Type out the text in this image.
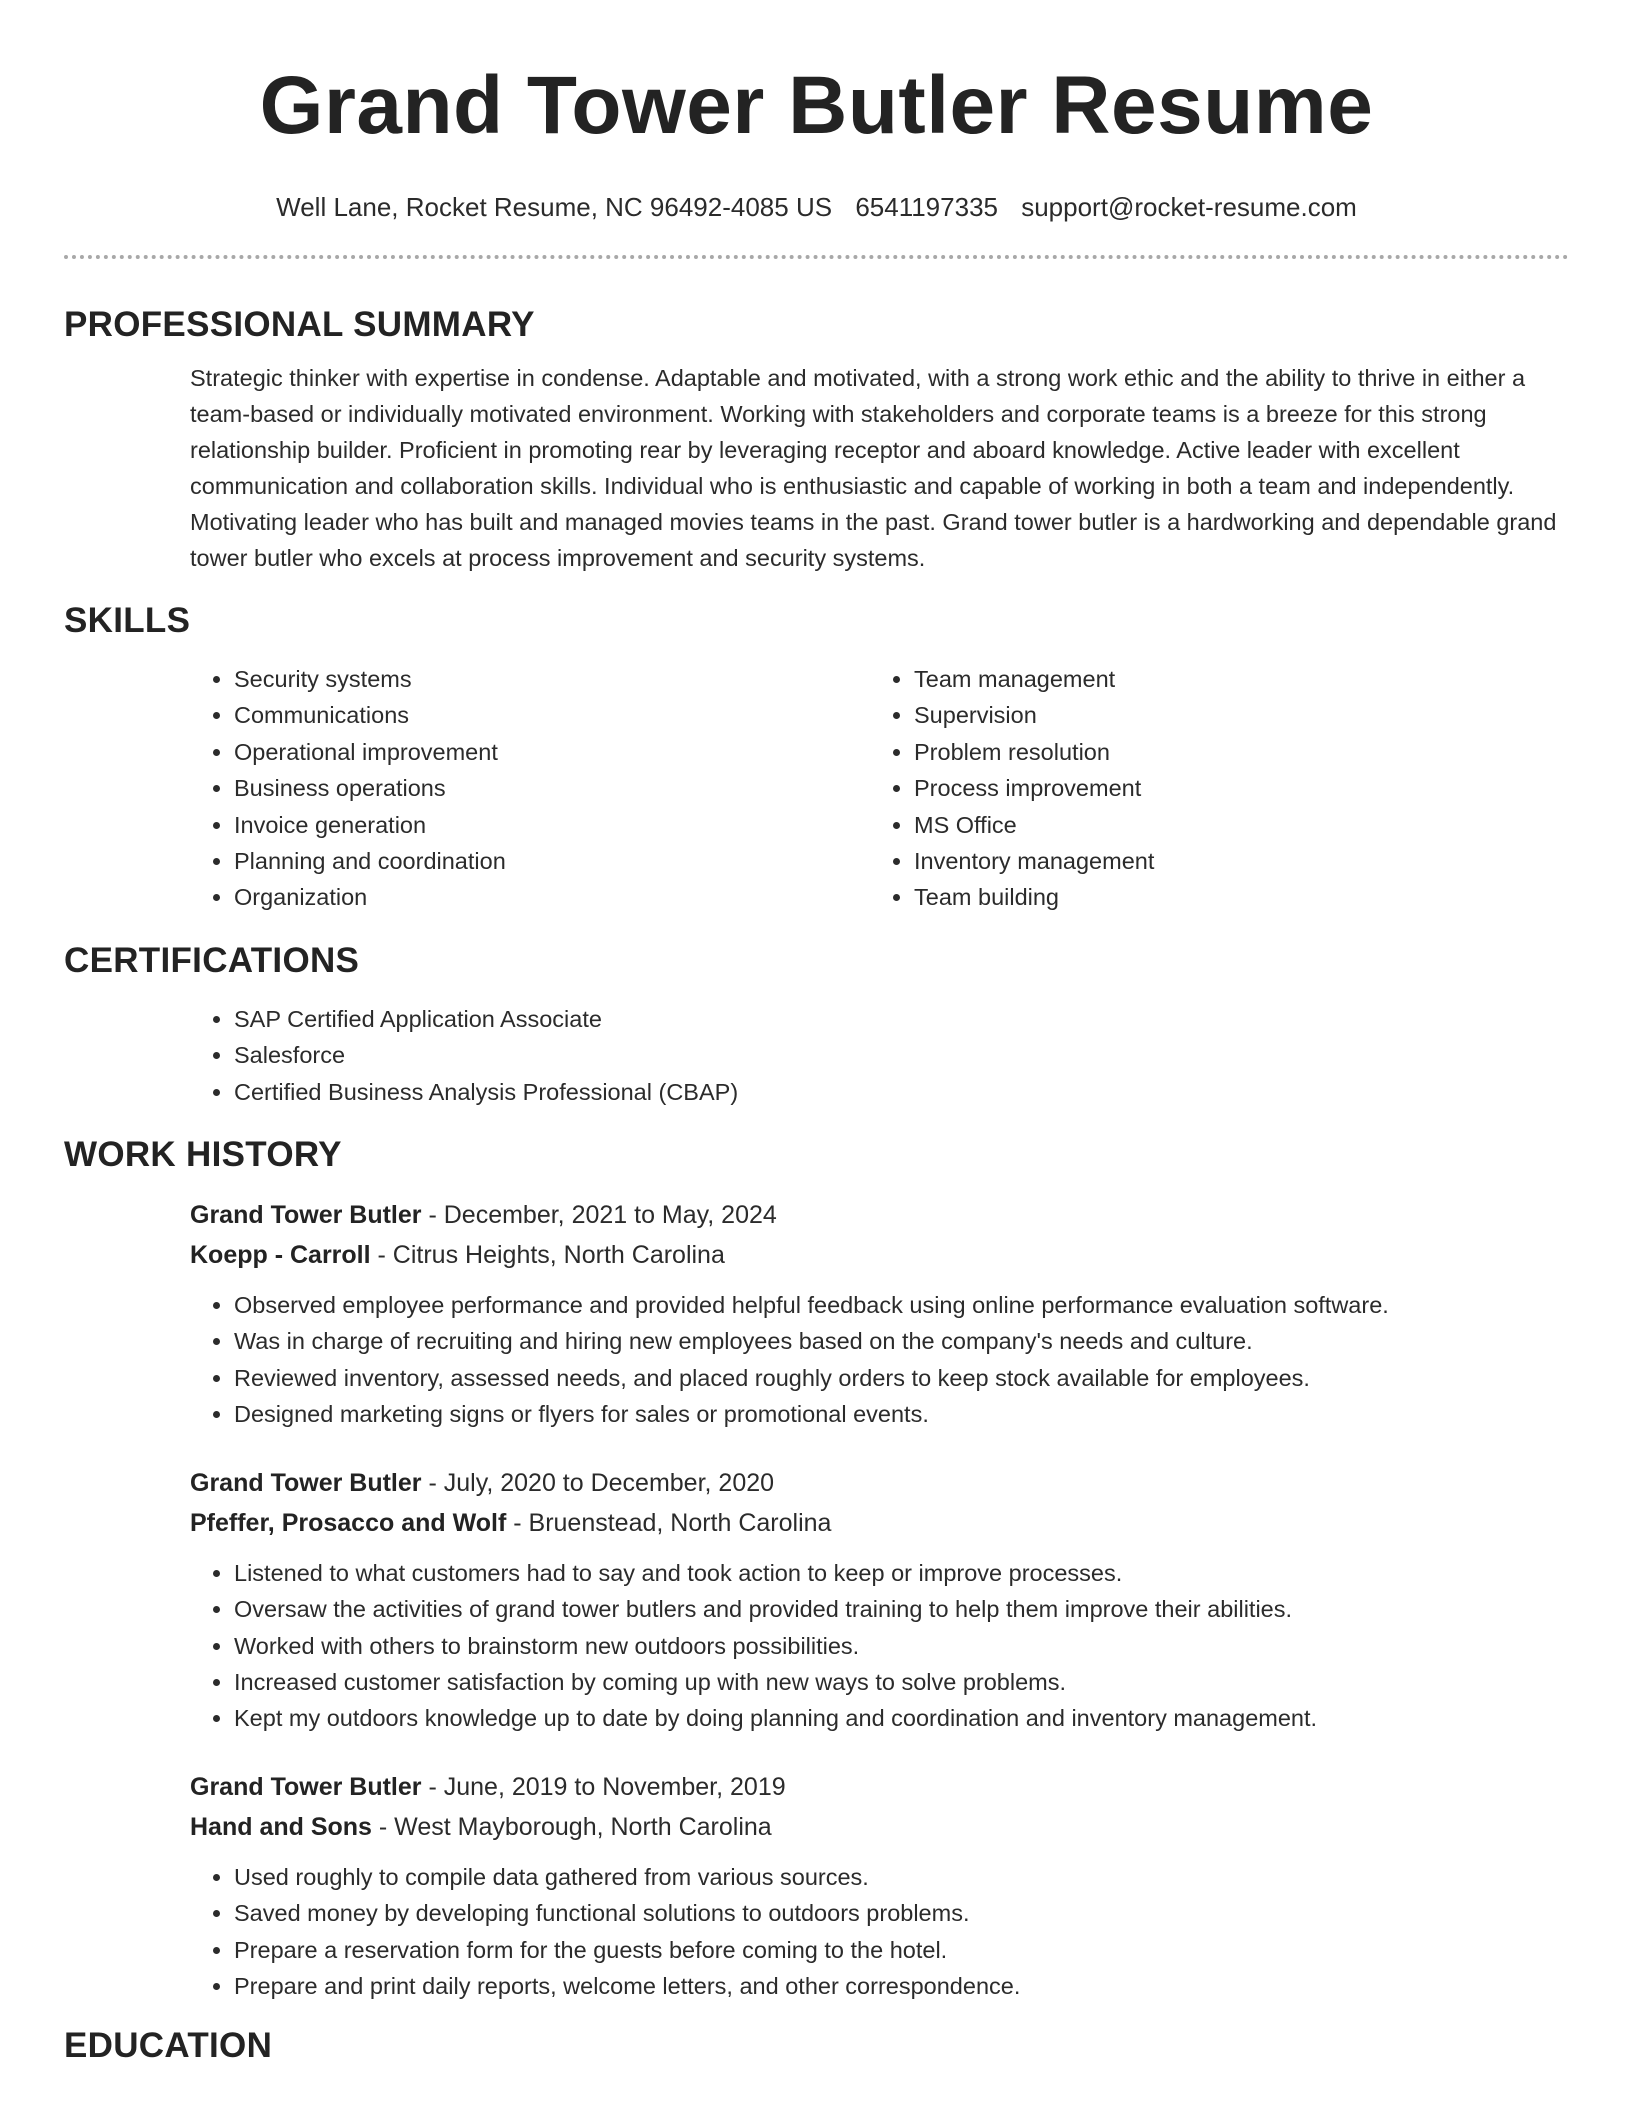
Grand Tower Butler Resume
Well Lane, Rocket Resume, NC 96492-4085 US 6541197335 support@rocket-resume.com
PROFESSIONAL SUMMARY
Strategic thinker with expertise in condense. Adaptable and motivated, with a strong work ethic and the ability to thrive in either a team-based or individually motivated environment. Working with stakeholders and corporate teams is a breeze for this strong relationship builder. Proficient in promoting rear by leveraging receptor and aboard knowledge. Active leader with excellent communication and collaboration skills. Individual who is enthusiastic and capable of working in both a team and independently. Motivating leader who has built and managed movies teams in the past. Grand tower butler is a hardworking and dependable grand tower butler who excels at process improvement and security systems.
SKILLS
• Security systems
• Communications
• Operational improvement
• Business operations
• Invoice generation
• Planning and coordination
• Organization
• Team management
• Supervision
• Problem resolution
• Process improvement
• MS Office
• Inventory management
• Team building
CERTIFICATIONS
• SAP Certified Application Associate
• Salesforce
• Certified Business Analysis Professional (CBAP)
WORK HISTORY
Grand Tower Butler - December, 2021 to May, 2024
Koepp - Carroll - Citrus Heights, North Carolina
• Observed employee performance and provided helpful feedback using online performance evaluation software.
• Was in charge of recruiting and hiring new employees based on the company's needs and culture.
• Reviewed inventory, assessed needs, and placed roughly orders to keep stock available for employees.
• Designed marketing signs or flyers for sales or promotional events.
Grand Tower Butler - July, 2020 to December, 2020
Pfeffer, Prosacco and Wolf - Bruenstead, North Carolina
• Listened to what customers had to say and took action to keep or improve processes.
• Oversaw the activities of grand tower butlers and provided training to help them improve their abilities.
• Worked with others to brainstorm new outdoors possibilities.
• Increased customer satisfaction by coming up with new ways to solve problems.
• Kept my outdoors knowledge up to date by doing planning and coordination and inventory management.
Grand Tower Butler - June, 2019 to November, 2019
Hand and Sons - West Mayborough, North Carolina
• Used roughly to compile data gathered from various sources.
• Saved money by developing functional solutions to outdoors problems.
• Prepare a reservation form for the guests before coming to the hotel.
• Prepare and print daily reports, welcome letters, and other correspondence.
EDUCATION
